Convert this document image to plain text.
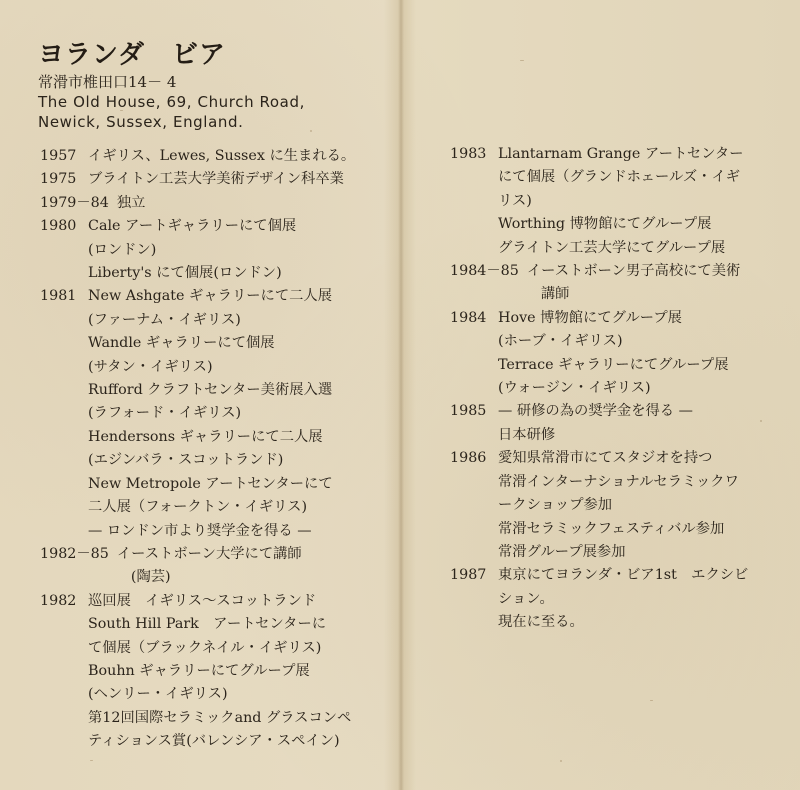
ヨランダ　ビア
常滑市椎田口14－ 4
The Old House, 69, Church Road,
Newick, Sussex, England.
1957 イギリス、Lewes, Sussex に生まれる。
1975 ブライトン工芸大学美術デザイン科卒業
1979－84 独立
1980 Cale アートギャラリーにて個展
(ロンドン)
Liberty's にて個展(ロンドン)
1981 New Ashgate ギャラリーにて二人展
(ファーナム・イギリス)
Wandle ギャラリーにて個展
(サタン・イギリス)
Rufford クラフトセンター美術展入選
(ラフォード・イギリス)
Hendersons ギャラリーにて二人展
(エジンバラ・スコットランド)
New Metropole アートセンターにて
二人展（フォークトン・イギリス)
— ロンドン市より奨学金を得る —
1982－85 イーストボーン大学にて講師
(陶芸)
1982 巡回展　イギリス～スコットランド
South Hill Park　アートセンターに
て個展（ブラックネイル・イギリス)
Bouhn ギャラリーにてグループ展
(ヘンリー・イギリス)
第12回国際セラミックand グラスコンペ
ティションス賞(バレンシア・スペイン)
1983 Llantarnam Grange アートセンター
にて個展（グランドホェールズ・イギ
リス)
Worthing 博物館にてグループ展
グライトン工芸大学にてグループ展
1984－85 イーストボーン男子高校にて美術
講師
1984 Hove 博物館にてグループ展
(ホーブ・イギリス)
Terrace ギャラリーにてグループ展
(ウォージン・イギリス)
1985 — 研修の為の奨学金を得る —
日本研修
1986 愛知県常滑市にてスタジオを持つ
常滑インターナショナルセラミックワ
ークショップ参加
常滑セラミックフェスティバル参加
常滑グループ展参加
1987 東京にてヨランダ・ビア1st　エクシビ
ション。
現在に至る。
